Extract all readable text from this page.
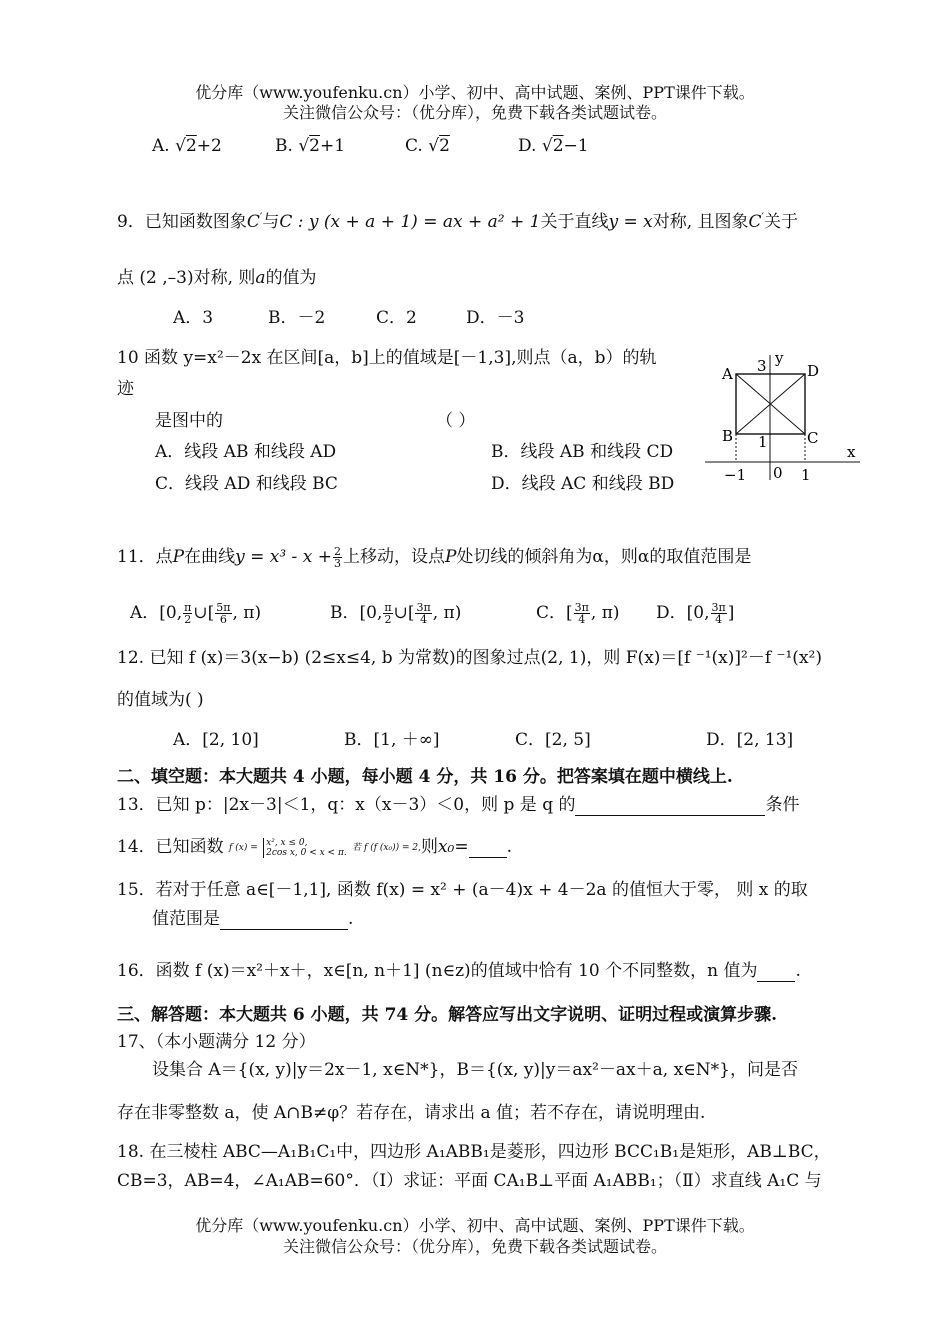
优分库（www.youfenku.cn）小学、初中、高中试题、案例、PPT课件下载。
关注微信公众号：（优分库），免费下载各类试题试卷。
A. √2+2	B. √2+1	C. √2	D. √2−1
9．已知函数图象C′与C : y (x + a + 1) = ax + a² + 1关于直线y = x对称, 且图象C′关于
点 (2 ,–3)对称, 则a的值为
A．3	B．－2	C．2	D．－3
10 函数 y=x²－2x 在区间[a，b]上的值域是[－1,3],则点（a，b）的轨
迹
是图中的	（ ）
A．线段 AB 和线段 AD	B．线段 AB 和线段 CD
C．线段 AD 和线段 BC	D．线段 AC 和线段 BD
A	D
B	C
3 y
x
1
−1 0 1
11．点P在曲线$y = x^3 - x + \frac{2}{3}$ 上移动，设点P处切线的倾斜角为α，则α的取值范围是
A．[0, $\frac{\pi}{2}$ ∪[ $\frac{5\pi}{6}$ , π)	B．[0, $\frac{\pi}{2}$ ∪[ $\frac{3\pi}{4}$ , π)	C．[ $\frac{3\pi}{4}$ , π) D．[0, $\frac{3\pi}{4}$ ]
12. 已知 f (x)＝3(x−b) (2≤x≤4, b 为常数)的图象过点(2, 1)，则 F(x)＝[f ⁻¹(x)]²－f ⁻¹(x²)
的值域为( )
A．[2, 10]	B．[1, ＋∞]	C．[2, 5]	D．[2, 13]
二、填空题：本大题共 4 小题，每小题 4 分，共 16 分。把答案填在题中横线上.
13．已知 p：|2x－3|＜1，q：x（x－3）＜0，则 p 是 q 的	条件
14．已知函数 f (x) = x², x ≤ 0,
2cos x, 0 < x < π. 若 f (f (x₀)) = 2,则x₀= .
15．若对于任意 a∈[－1,1], 函数 f(x) = x² + (a－4)x + 4－2a 的值恒大于零， 则 x 的取
值范围是	.
16．函数 f (x)＝x²＋x＋，x∈[n, n＋1] (n∈z)的值域中恰有 10 个不同整数，n 值为 .
三、解答题：本大题共 6 小题，共 74 分。解答应写出文字说明、证明过程或演算步骤.
17、（本小题满分 12 分）
设集合 A＝{(x, y)|y＝2x－1, x∈N*}，B＝{(x, y)|y＝ax²－ax＋a, x∈N*}，问是否
存在非零整数 a，使 A∩B≠φ？若存在，请求出 a 值；若不存在，请说明理由.
18. 在三棱柱 ABC—A₁B₁C₁中，四边形 A₁ABB₁是菱形，四边形 BCC₁B₁是矩形，AB⊥BC，
CB=3，AB=4，∠A₁AB=60°．（Ⅰ）求证：平面 CA₁B⊥平面 A₁ABB₁；（Ⅱ）求直线 A₁C 与
优分库（www.youfenku.cn）小学、初中、高中试题、案例、PPT课件下载。
关注微信公众号：（优分库），免费下载各类试题试卷。
